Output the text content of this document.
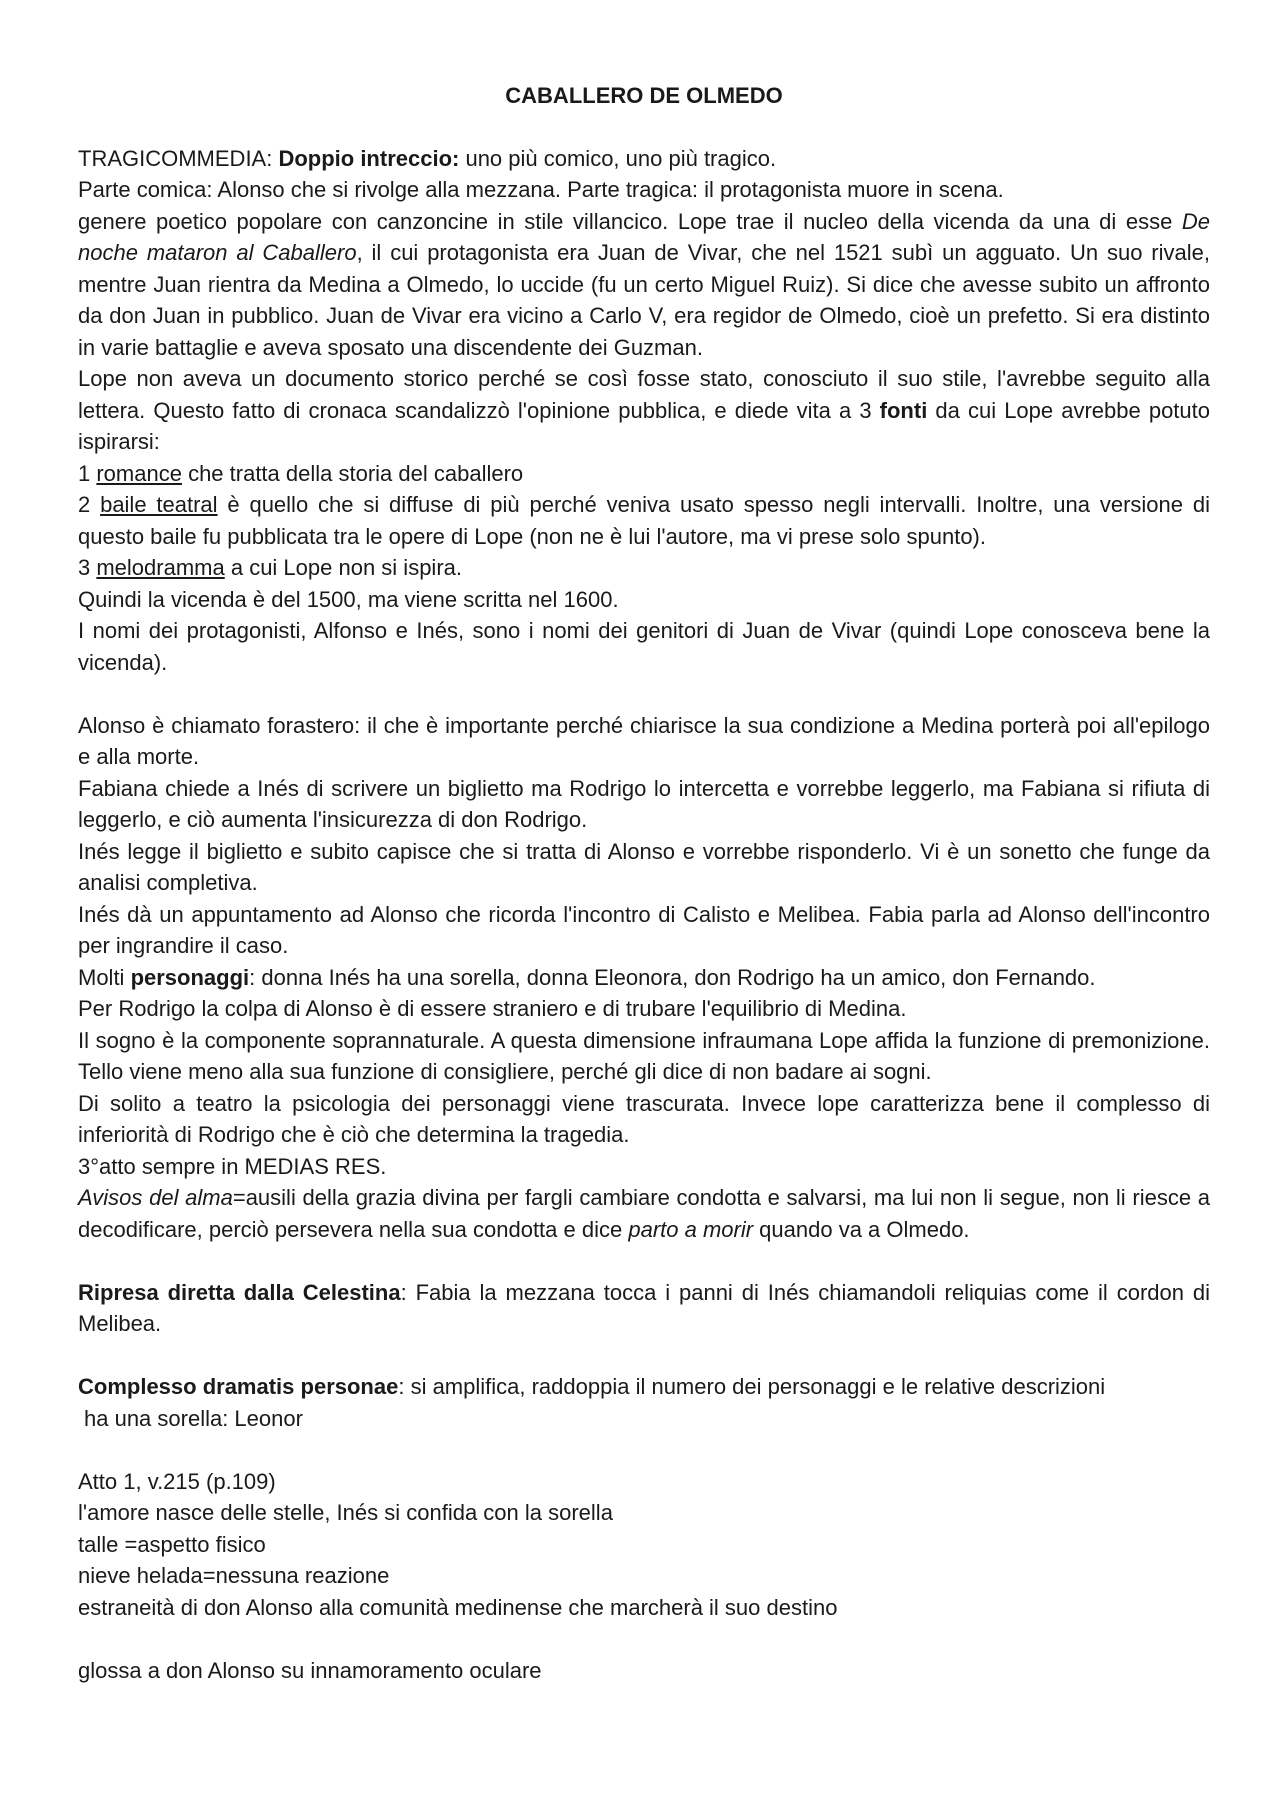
CABALLERO DE OLMEDO

TRAGICOMMEDIA: Doppio intreccio: uno più comico, uno più tragico.

Parte comica: Alonso che si rivolge alla mezzana. Parte tragica: il protagonista muore in scena.

genere poetico popolare con canzoncine in stile villancico. Lope trae il nucleo della vicenda da una di esse De noche mataron al Caballero, il cui protagonista era Juan de Vivar, che nel 1521 subì un agguato. Un suo rivale, mentre Juan rientra da Medina a Olmedo, lo uccide (fu un certo Miguel Ruiz). Si dice che avesse subito un affronto da don Juan in pubblico. Juan de Vivar era vicino a Carlo V, era regidor de Olmedo, cioè un prefetto. Si era distinto in varie battaglie e aveva sposato una discendente dei Guzman.

Lope non aveva un documento storico perché se così fosse stato, conosciuto il suo stile, l'avrebbe seguito alla lettera. Questo fatto di cronaca scandalizzò l'opinione pubblica, e diede vita a 3 fonti da cui Lope avrebbe potuto ispirarsi:

1 romance che tratta della storia del caballero

2 baile teatral è quello che si diffuse di più perché veniva usato spesso negli intervalli. Inoltre, una versione di questo baile fu pubblicata tra le opere di Lope (non ne è lui l'autore, ma vi prese solo spunto).

3 melodramma a cui Lope non si ispira.

Quindi la vicenda è del 1500, ma viene scritta nel 1600.

I nomi dei protagonisti, Alfonso e Inés, sono i nomi dei genitori di Juan de Vivar (quindi Lope conosceva bene la vicenda).

Alonso è chiamato forastero: il che è importante perché chiarisce la sua condizione a Medina porterà poi all'epilogo e alla morte.

Fabiana chiede a Inés di scrivere un biglietto ma Rodrigo lo intercetta e vorrebbe leggerlo, ma Fabiana si rifiuta di leggerlo, e ciò aumenta l'insicurezza di don Rodrigo.

Inés legge il biglietto e subito capisce che si tratta di Alonso e vorrebbe risponderlo. Vi è un sonetto che funge da analisi completiva.

Inés dà un appuntamento ad Alonso che ricorda l'incontro di Calisto e Melibea. Fabia parla ad Alonso dell'incontro per ingrandire il caso.

Molti personaggi: donna Inés ha una sorella, donna Eleonora, don Rodrigo ha un amico, don Fernando.

Per Rodrigo la colpa di Alonso è di essere straniero e di trubare l'equilibrio di Medina.

Il sogno è la componente soprannaturale. A questa dimensione infraumana Lope affida la funzione di premonizione. Tello viene meno alla sua funzione di consigliere, perché gli dice di non badare ai sogni.

Di solito a teatro la psicologia dei personaggi viene trascurata. Invece lope caratterizza bene il complesso di inferiorità di Rodrigo che è ciò che determina la tragedia.

3°atto sempre in MEDIAS RES.

Avisos del alma=ausili della grazia divina per fargli cambiare condotta e salvarsi, ma lui non li segue, non li riesce a decodificare, perciò persevera nella sua condotta e dice parto a morir quando va a Olmedo.

Ripresa diretta dalla Celestina: Fabia la mezzana tocca i panni di Inés chiamandoli reliquias come il cordon di Melibea.

Complesso dramatis personae: si amplifica, raddoppia il numero dei personaggi e le relative descrizioni

ha una sorella: Leonor

Atto 1, v.215 (p.109)

l'amore nasce delle stelle, Inés si confida con la sorella

talle =aspetto fisico

nieve helada=nessuna reazione

estraneità di don Alonso alla comunità medinense che marcherà il suo destino

glossa a don Alonso su innamoramento oculare
